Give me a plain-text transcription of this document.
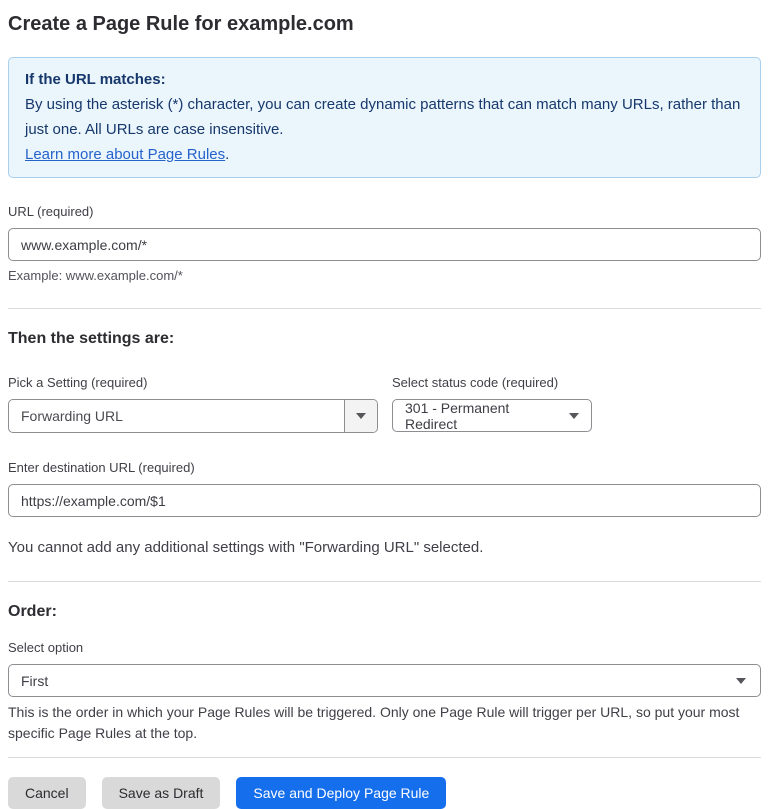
Create a Page Rule for example.com
If the URL matches:
By using the asterisk (*) character, you can create dynamic patterns that can match many URLs, rather than just one. All URLs are case insensitive.
Learn more about Page Rules.
URL (required)
www.example.com/*
Example: www.example.com/*
Then the settings are:
Pick a Setting (required)
Forwarding URL
Select status code (required)
301 - Permanent Redirect
Enter destination URL (required)
https://example.com/$1
You cannot add any additional settings with "Forwarding URL" selected.
Order:
Select option
First
This is the order in which your Page Rules will be triggered. Only one Page Rule will trigger per URL, so put your most specific Page Rules at the top.
Cancel	Save as Draft	Save and Deploy Page Rule
